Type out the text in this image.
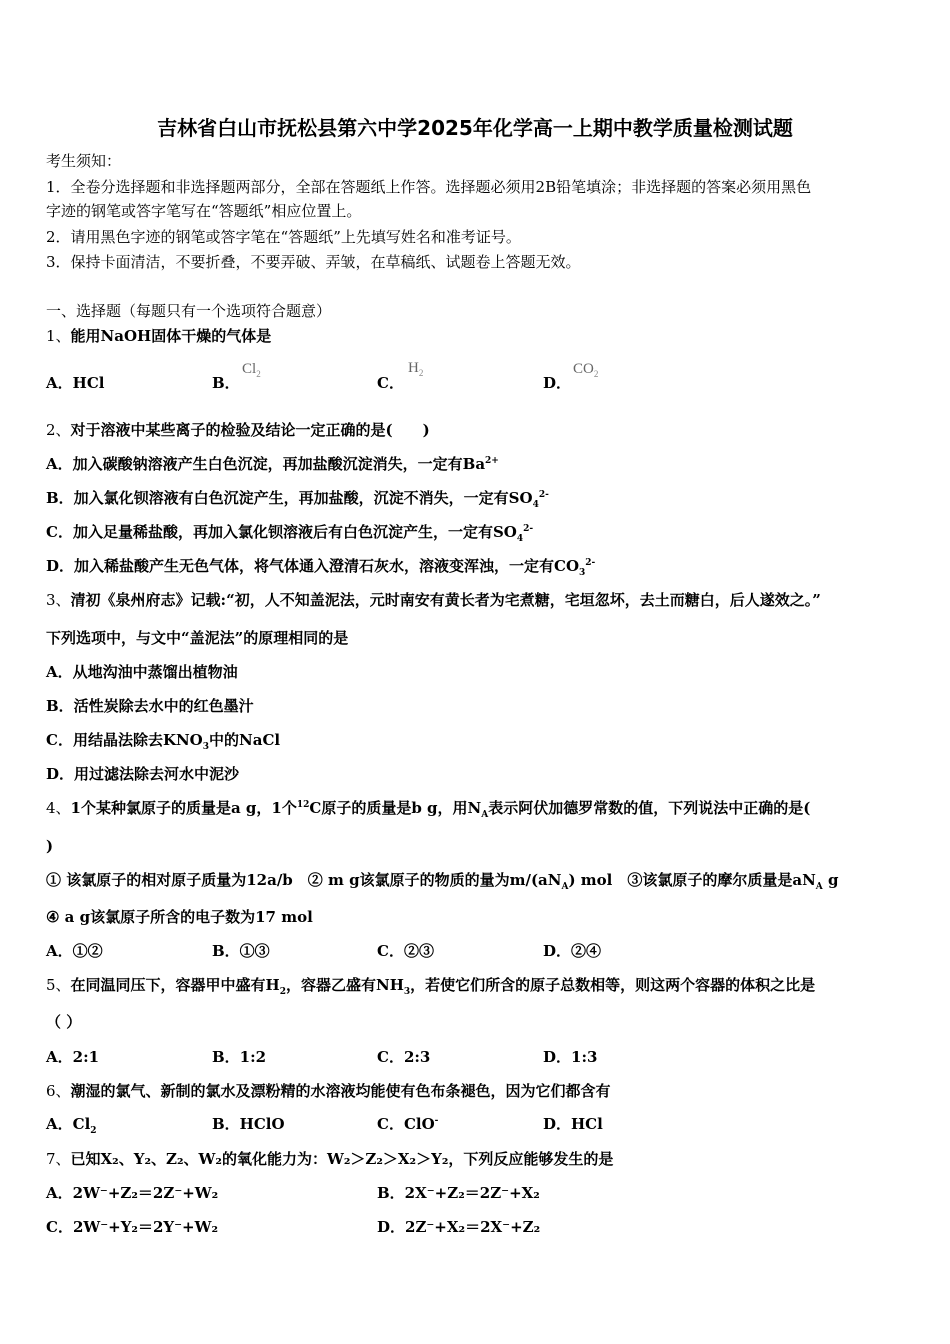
吉林省白山市抚松县第六中学2025年化学高一上期中教学质量检测试题
考生须知：
1．全卷分选择题和非选择题两部分，全部在答题纸上作答。选择题必须用2B铅笔填涂；非选择题的答案必须用黑色
字迹的钢笔或答字笔写在“答题纸”相应位置上。
2．请用黑色字迹的钢笔或答字笔在“答题纸”上先填写姓名和准考证号。
3．保持卡面清洁，不要折叠，不要弄破、弄皱，在草稿纸、试题卷上答题无效。
一、选择题（每题只有一个选项符合题意）
1、能用NaOH固体干燥的气体是
A．HCl	B．
$Cl_2$	C．
$H_2$
D．
$CO_2$
2、对于溶液中某些离子的检验及结论一定正确的是(　　)
A．加入碳酸钠溶液产生白色沉淀，再加盐酸沉淀消失，一定有$Ba^{2+}$
B．加入氯化钡溶液有白色沉淀产生，再加盐酸，沉淀不消失，一定有$SO_4^{2-}$
C．加入足量稀盐酸，再加入氯化钡溶液后有白色沉淀产生，一定有$SO_4^{2-}$
D．加入稀盐酸产生无色气体，将气体通入澄清石灰水，溶液变浑浊，一定有$CO_3^{2-}$
3、清初《泉州府志》记载:“初，人不知盖泥法，元时南安有黄长者为宅煮糖，宅垣忽坏，去土而糖白，后人遂效之。”
下列选项中，与文中“盖泥法”的原理相同的是
A．从地沟油中蒸馏出植物油
B．活性炭除去水中的红色墨汁
C．用结晶法除去$KNO_3$中的NaCl
D．用过滤法除去河水中泥沙
4、1个某种氯原子的质量是a g，1个$^{12}$C原子的质量是b g，用$N_A$表示阿伏加德罗常数的值，下列说法中正确的是(
)
① 该氯原子的相对原子质量为12a/b　② m g该氯原子的物质的量为$m/(aN_A)$ mol　③该氯原子的摩尔质量是$aN_A$ g
④ a g该氯原子所含的电子数为17 mol
A．①②	B．①③	C．②③	D．②④
5、在同温同压下，容器甲中盛有$H_2$，容器乙盛有$NH_3$，若使它们所含的原子总数相等，则这两个容器的体积之比是
（ ）
A．2:1	B．1:2	C．2:3	D．1:3
6、潮湿的氯气、新制的氯水及漂粉精的水溶液均能使有色布条褪色，因为它们都含有
A．$Cl_2$	B．HClO	C．ClO-	D．HCl
7、已知X₂、Y₂、Z₂、W₂的氧化能力为：W₂＞Z₂＞X₂＞Y₂，下列反应能够发生的是
A．2W⁻+Z₂＝2Z⁻+W₂	B．2X⁻+Z₂＝2Z⁻+X₂
C．2W⁻+Y₂＝2Y⁻+W₂	D．2Z⁻+X₂＝2X⁻+Z₂
